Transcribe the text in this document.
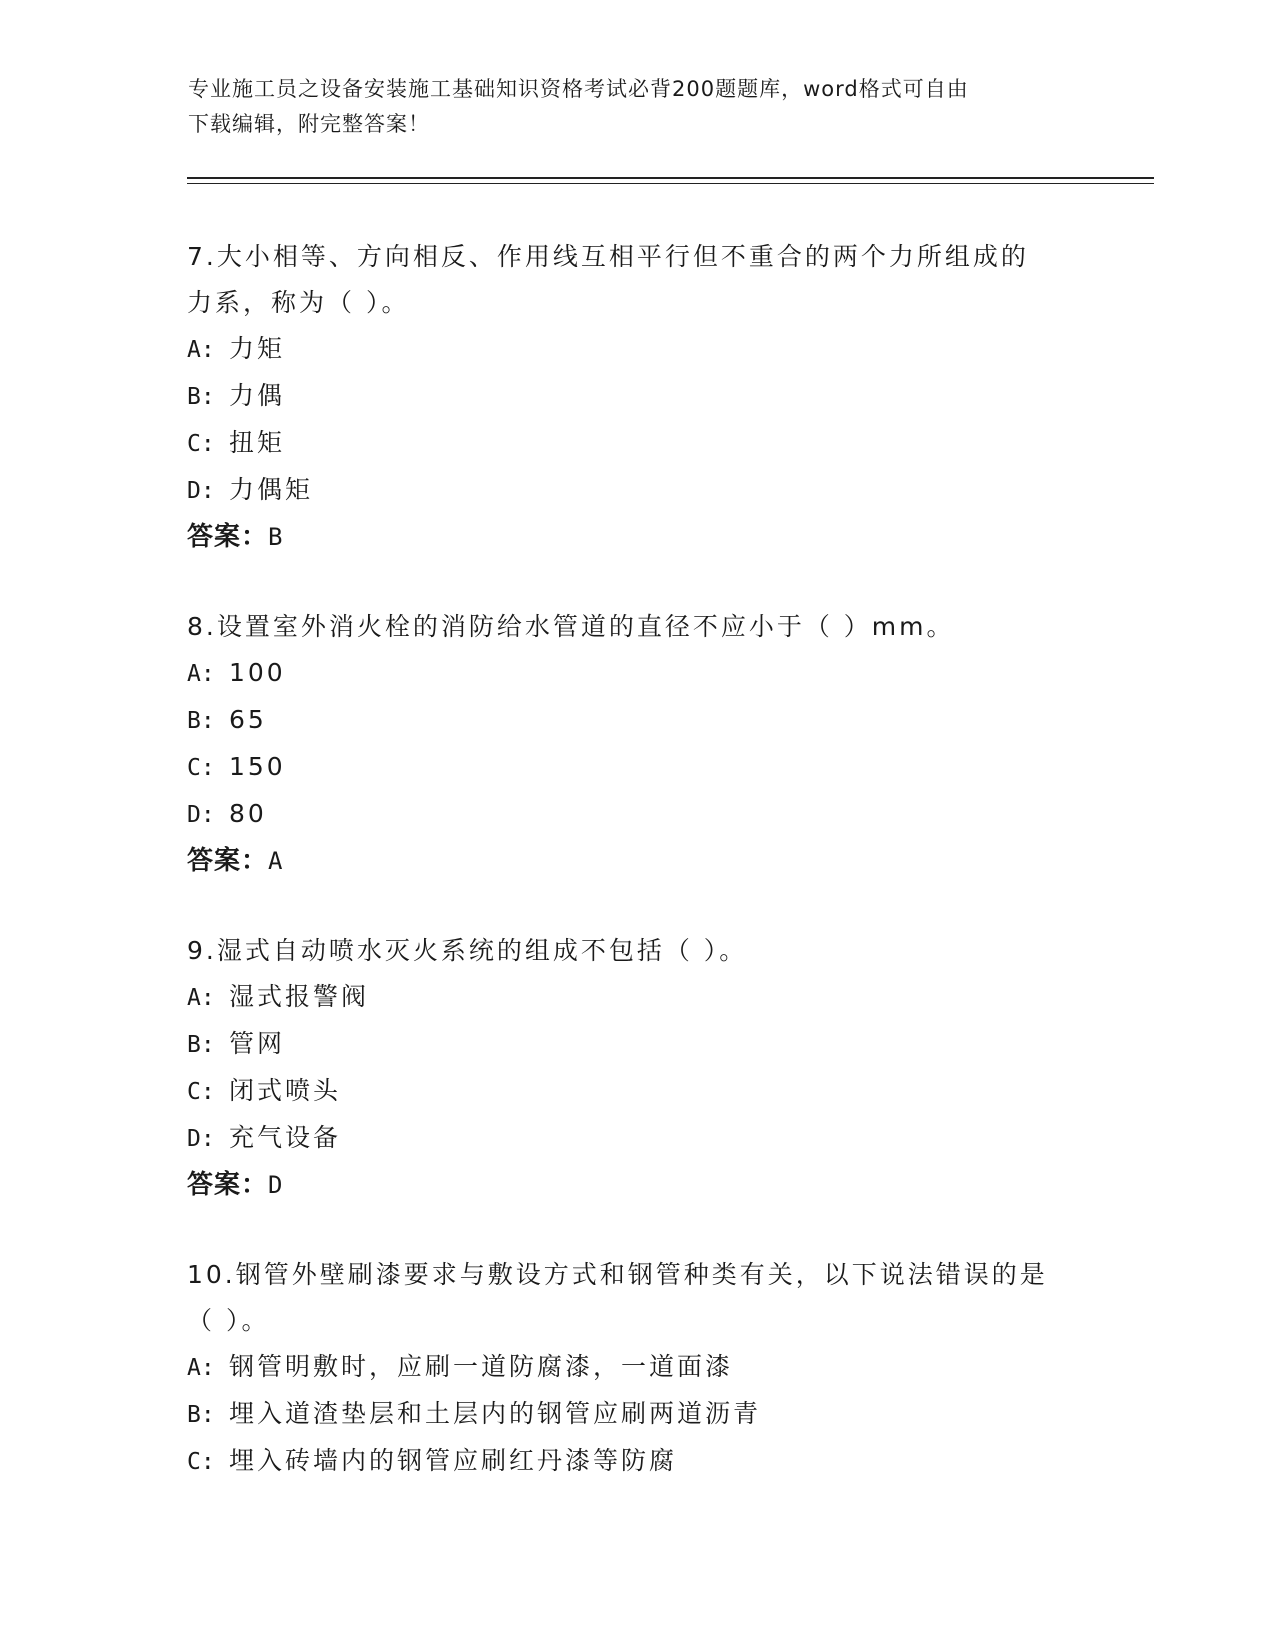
专业施工员之设备安装施工基础知识资格考试必背200题题库，word格式可自由
下载编辑，附完整答案！
7.大小相等、方向相反、作用线互相平行但不重合的两个力所组成的
力系，称为（ ）。
A: 力矩
B: 力偶
C: 扭矩
D: 力偶矩
答案：B
8.设置室外消火栓的消防给水管道的直径不应小于（ ）mm。
A: 100
B: 65
C: 150
D: 80
答案：A
9.湿式自动喷水灭火系统的组成不包括（ ）。
A: 湿式报警阀
B: 管网
C: 闭式喷头
D: 充气设备
答案：D
10.钢管外壁刷漆要求与敷设方式和钢管种类有关，以下说法错误的是
（ ）。
A: 钢管明敷时，应刷一道防腐漆，一道面漆
B: 埋入道渣垫层和土层内的钢管应刷两道沥青
C: 埋入砖墙内的钢管应刷红丹漆等防腐
